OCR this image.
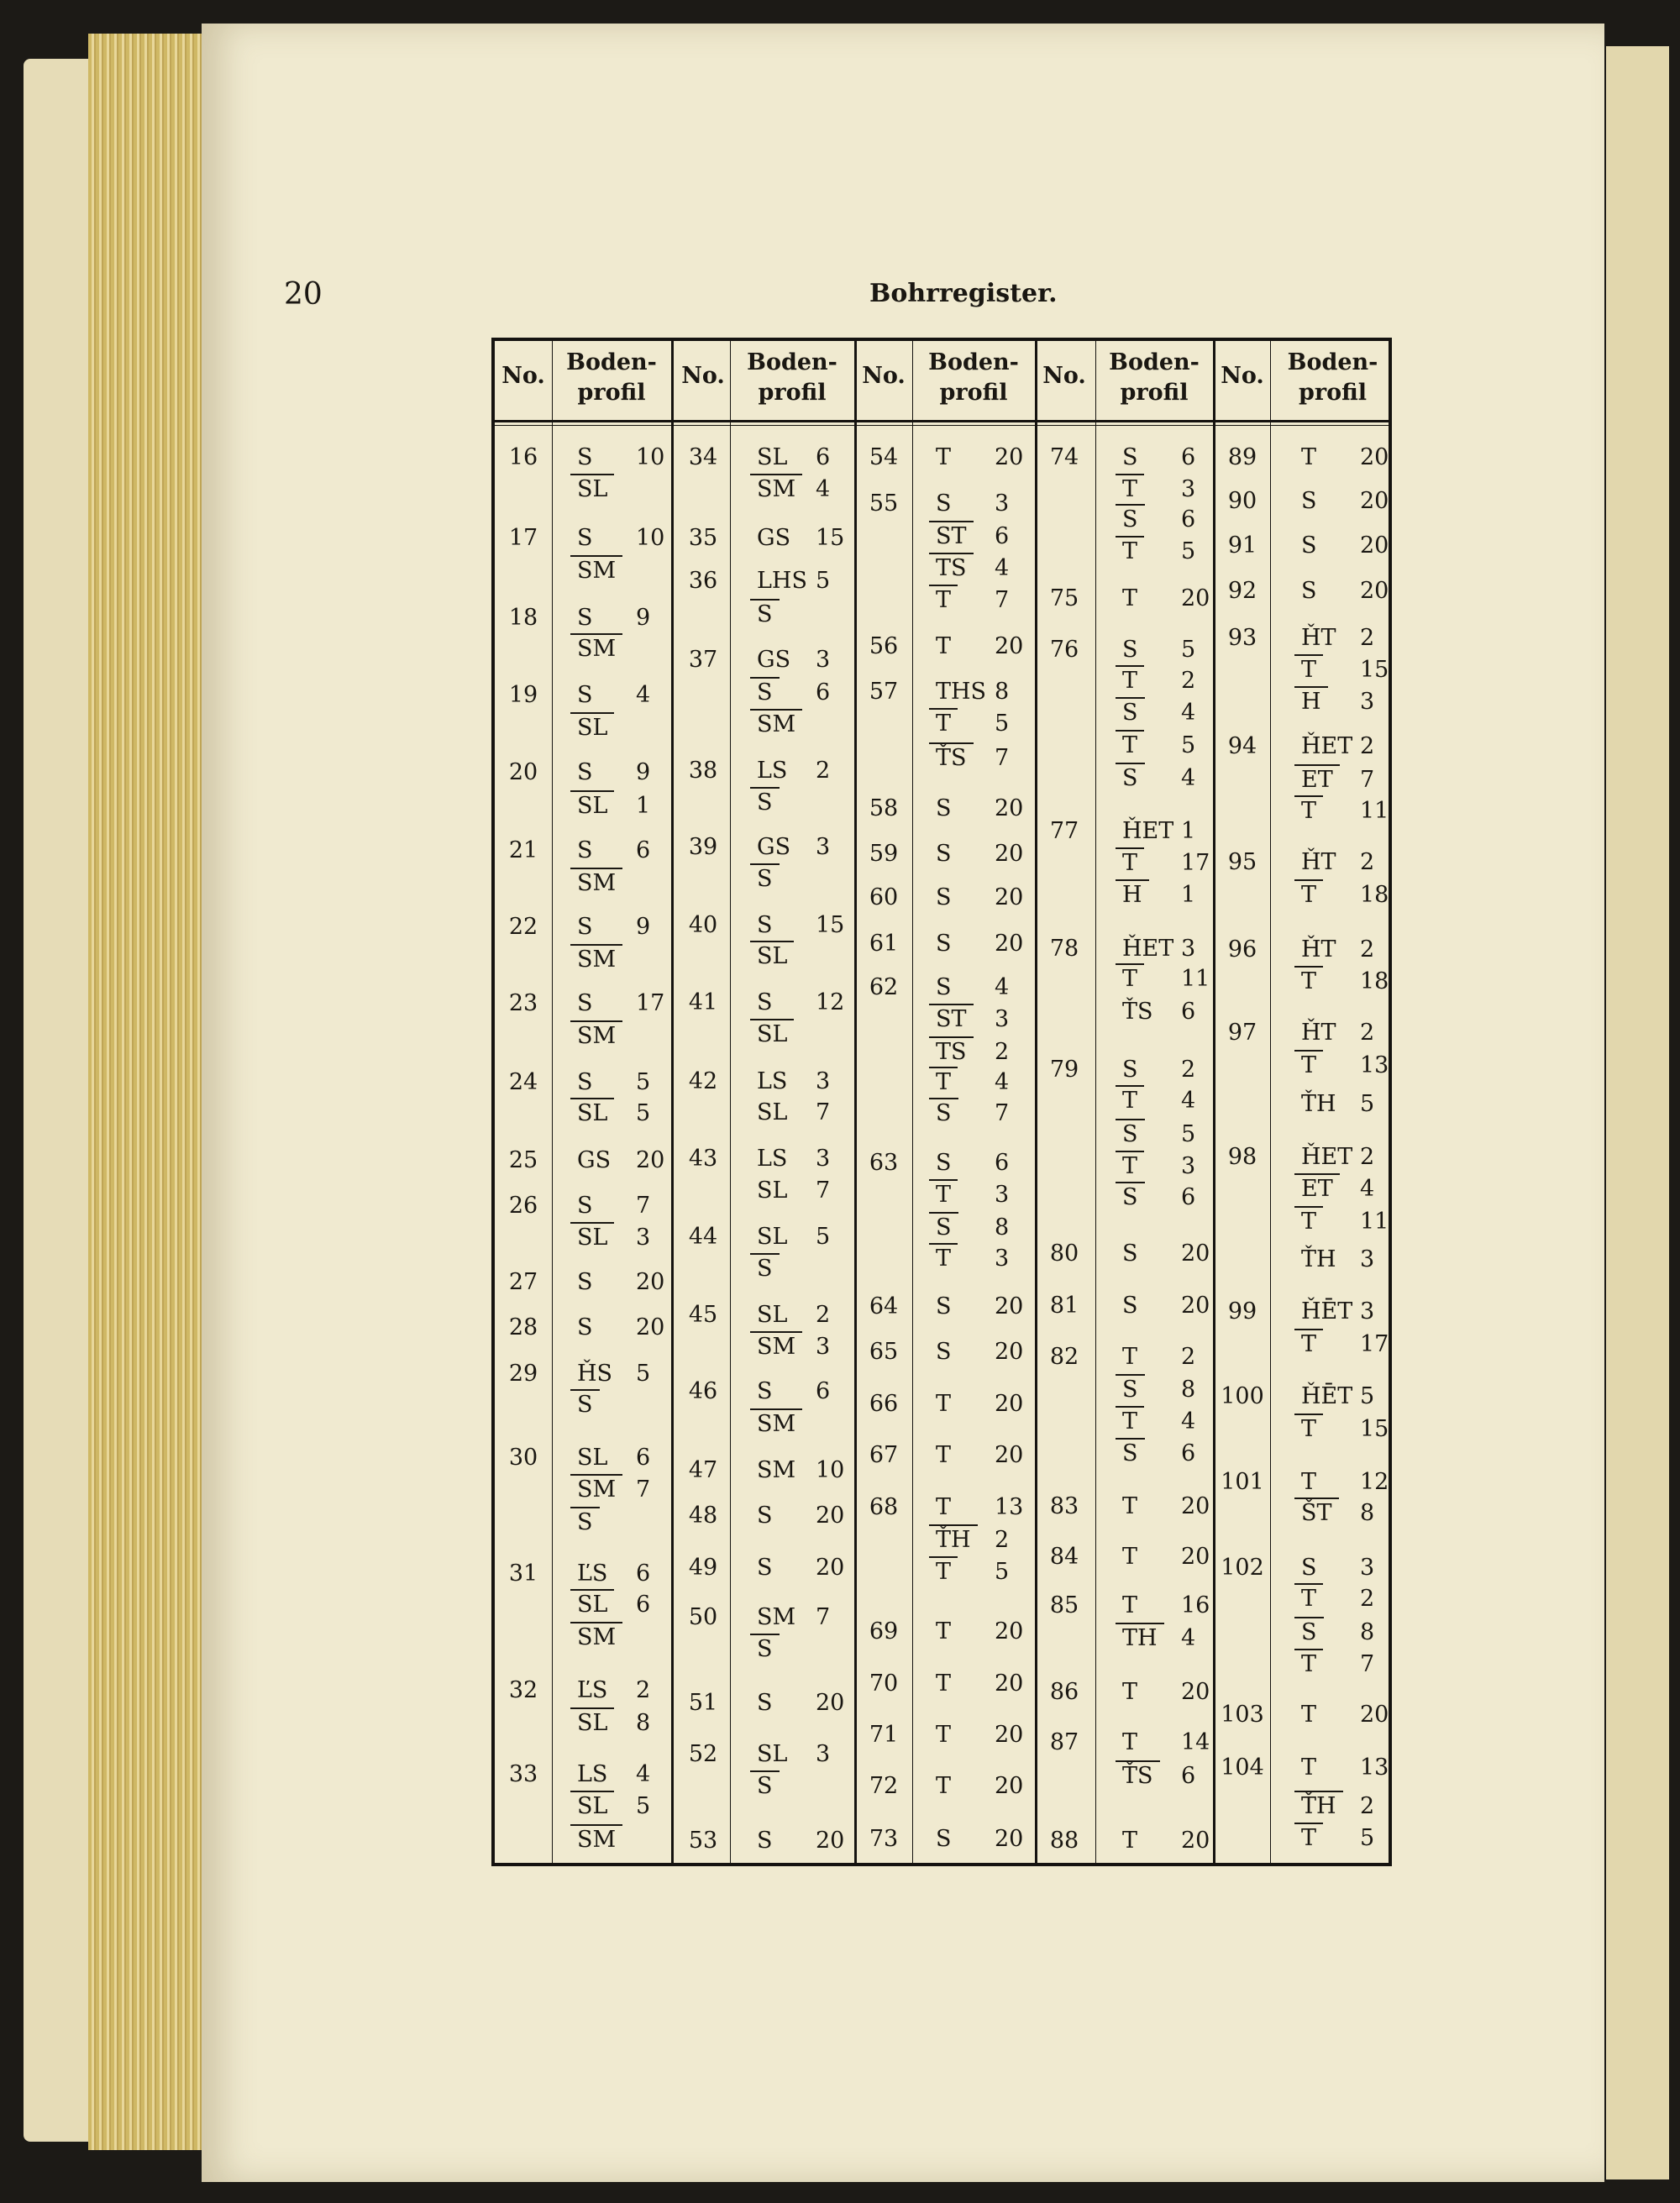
20	Bohrregister.
No.
Boden-
profil
No.
Boden-
profil
No.
Boden-
profil
No.
Boden-
profil
No.
Boden-
profil
16	S 10
SL
17	S 10
SM
18	S 9
SM
19	S 4
SL
20	S 9
SL 1
21	S 6
SM
22	S 9
SM
23	S 17
SM
24	S 5
SL 5
25	GS 20
26	S 7
SL 3
27	S 20
28	S 20
29	ȞS 5
S
30	SL 6
SM 7
S
31	ĽS 6
SL 6
SM
32	ĽS 2
SL 8
33	LS 4
SL 5
SM
34	SL 6
SM 4
35	GS 15
36	LHS 5
S
37	GS 3
S 6
SM
38	LS 2
S
39	GS 3
S
40	S 15
SL
41	S 12
SL
42	LS 3
SL 7
43	LS 3
SL 7
44	SL 5
S
45	SL 2
SM 3
46	S 6
SM
47	SM 10
48	S 20
49	S 20
50	SM 7
S
51	S 20
52	SL 3
S
53	S 20
54	T 20
55	S 3
ST 6
TS 4
T 7
56	T 20
57	THS 8
T 5
ŤS 7
58	S 20
59	S 20
60	S 20
61	S 20
62	S 4
ST 3
TS 2
T 4
S 7
63	S 6
T 3
S 8
T 3
64	S 20
65	S 20
66	T 20
67	T 20
68	T 13
ŤH 2
T 5
69	T 20
70	T 20
71	T 20
72	T 20
73	S 20
74	S 6
T 3
S 6
T 5
75	T 20
76	S 5
T 2
S 4
T 5
S 4
77	ȞET 1
T 17
H 1
78	ȞET 3
T 11
ŤS 6
79	S 2
T 4
S 5
T 3
S 6
80	S 20
81	S 20
82	T 2
S 8
T 4
S 6
83	T 20
84	T 20
85	T 16
TH 4
86	T 20
87	T 14
ŤS 6
88	T 20
89	T 20
90	S 20
91	S 20
92	S 20
93	ȞT 2
T 15
H 3
94	ȞET 2
ET 7
T 11
95	ȞT 2
T 18
96	ȞT 2
T 18
97	ȞT 2
T 13
ŤH 5
98	ȞET 2
ET 4
T 11
ŤH 3
99	ȞĒT 3
T 17
100 ȞĒT 5
T 15
101 T 12
ŠT 8
102 S 3
T 2
S 8
T 7
103 T 20
104 T 13
ŤH 2
T 5
